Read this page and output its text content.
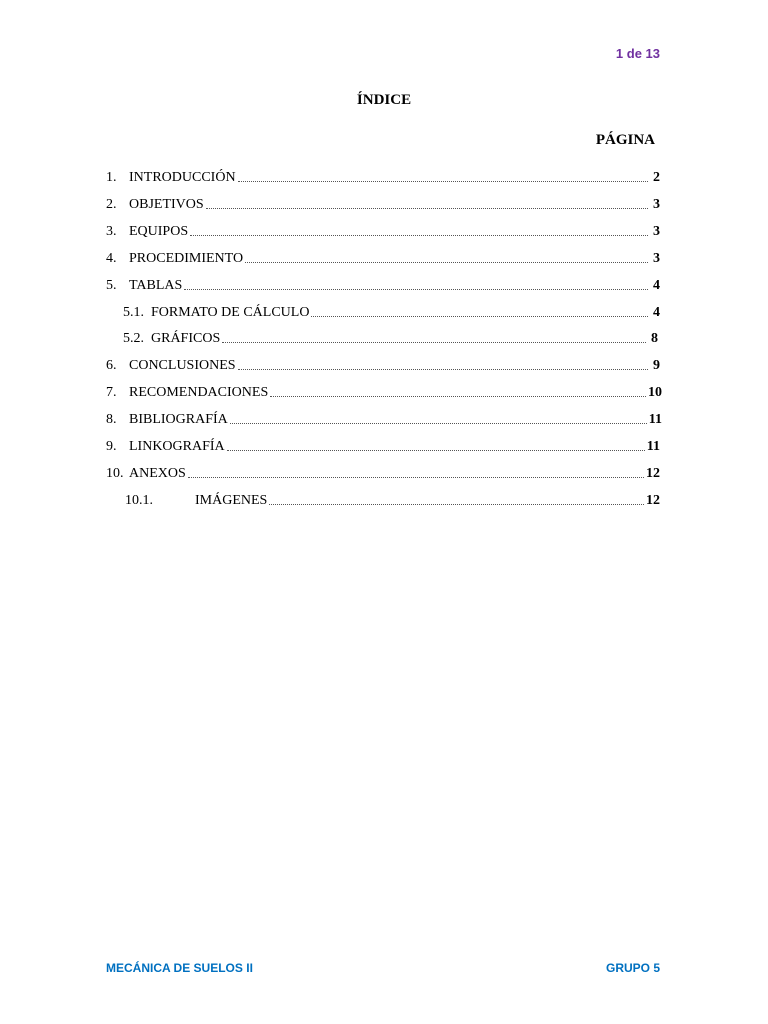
1 de 13
ÍNDICE
PÁGINA
1. INTRODUCCIÓN	2
2. OBJETIVOS	3
3. EQUIPOS	3
4. PROCEDIMIENTO	3
5. TABLAS	4
5.1. FORMATO DE CÁLCULO	4
5.2. GRÁFICOS	8
6. CONCLUSIONES	9
7. RECOMENDACIONES	10
8. BIBLIOGRAFÍA	11
9. LINKOGRAFÍA	11
10. ANEXOS	12
10.1.	IMÁGENES	12
MECÁNICA DE SUELOS II	GRUPO 5
